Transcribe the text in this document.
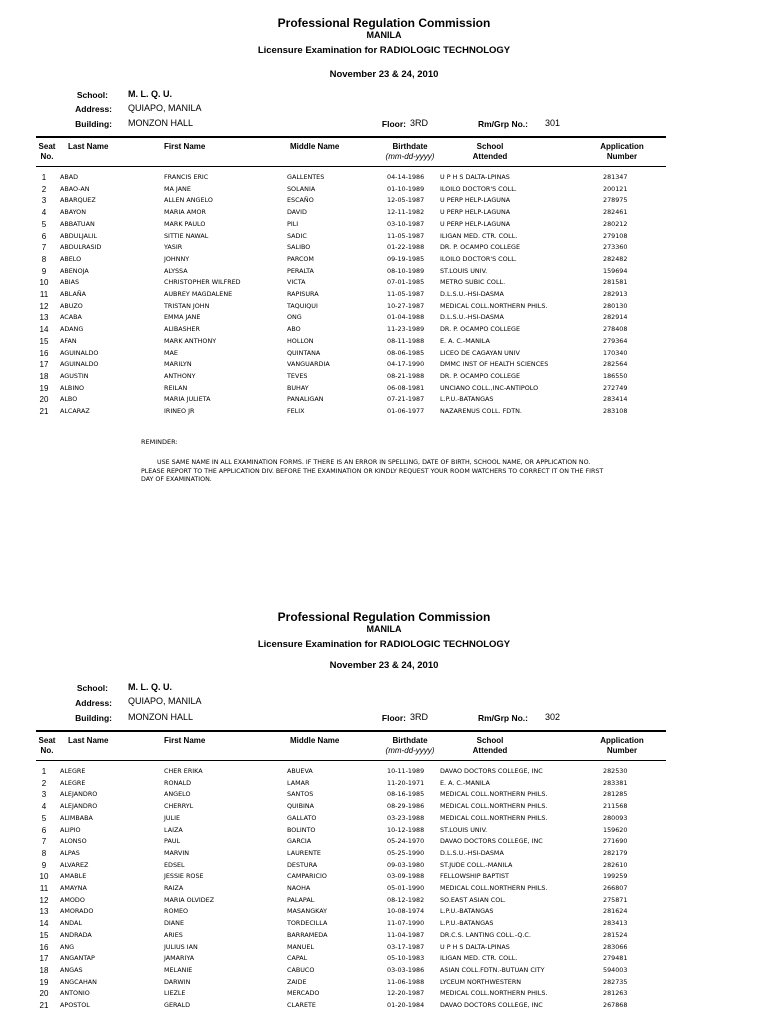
Professional Regulation Commission
MANILA
Licensure Examination for RADIOLOGIC TECHNOLOGY
November 23 & 24, 2010
School: M. L. Q. U.
Address: QUIAPO, MANILA
Building: MONZON HALL	Floor: 3RD	Rm/Grp No.: 301
Seat
No.
Last Name	First Name	Middle Name	Birthdate
(mm-dd-yyyy)
School
Attended
Application
Number
1	ABAD	FRANCIS ERIC	GALLENTES	04-14-1986 U P H S DALTA-LPINAS	281347
2	ABAO-AN	MA JANE	SOLANIA	01-10-1989 ILOILO DOCTOR'S COLL.	200121
3	ABARQUEZ	ALLEN ANGELO	ESCAÑO	12-05-1987 U PERP HELP-LAGUNA	278975
4	ABAYON	MARIA AMOR	DAVID	12-11-1982 U PERP HELP-LAGUNA	282461
5	ABBATUAN	MARK PAULO	PILI	03-10-1987 U PERP HELP-LAGUNA	280212
6	ABDULJALIL	SITTIE NAWAL	SADIC	11-05-1987 ILIGAN MED. CTR. COLL.	279108
7	ABDULRASID	YASIR	SALIBO	01-22-1988 DR. P. OCAMPO COLLEGE	273360
8	ABELO	JOHNNY	PARCOM	09-19-1985 ILOILO DOCTOR'S COLL.	282482
9	ABENOJA	ALYSSA	PERALTA	08-10-1989 ST.LOUIS UNIV.	159694
10	ABIAS	CHRISTOPHER WILFRED	VICTA	07-01-1985 METRO SUBIC COLL.	281581
11	ABLAÑA	AUBREY MAGDALENE	RAPISURA	11-05-1987 D.L.S.U.-HSI-DASMA	282913
12	ABUZO	TRISTAN JOHN	TAQUIQUI	10-27-1987 MEDICAL COLL.NORTHERN PHILS.	280130
13	ACABA	EMMA JANE	ONG	01-04-1988 D.L.S.U.-HSI-DASMA	282914
14	ADANG	ALIBASHER	ABO	11-23-1989 DR. P. OCAMPO COLLEGE	278408
15	AFAN	MARK ANTHONY	HOLLON	08-11-1988 E. A. C.-MANILA	279364
16	AGUINALDO	MAE	QUINTANA	08-06-1985 LICEO DE CAGAYAN UNIV	170340
17	AGUINALDO	MARILYN	VANGUARDIA	04-17-1990 DMMC INST OF HEALTH SCIENCES	282564
18	AGUSTIN	ANTHONY	TEVES	08-21-1988 DR. P. OCAMPO COLLEGE	186550
19	ALBINO	REILAN	BUHAY	06-08-1981 UNCIANO COLL.,INC-ANTIPOLO	272749
20	ALBO	MARIA JULIETA	PANALIGAN	07-21-1987 L.P.U.-BATANGAS	283414
21	ALCARAZ	IRINEO JR	FELIX	01-06-1977 NAZARENUS COLL. FDTN.	283108
REMINDER:
USE SAME NAME IN ALL EXAMINATION FORMS. IF THERE IS AN ERROR IN SPELLING, DATE OF BIRTH, SCHOOL NAME, OR APPLICATION NO. PLEASE REPORT TO THE APPLICATION DIV. BEFORE THE EXAMINATION OR KINDLY REQUEST YOUR ROOM WATCHERS TO CORRECT IT ON THE FIRST DAY OF EXAMINATION.
Professional Regulation Commission
MANILA
Licensure Examination for RADIOLOGIC TECHNOLOGY
November 23 & 24, 2010
School: M. L. Q. U.
Address: QUIAPO, MANILA
Building: MONZON HALL	Floor: 3RD	Rm/Grp No.: 302
Seat
No.
Last Name	First Name	Middle Name	Birthdate
(mm-dd-yyyy)
School
Attended
Application
Number
1	ALEGRE	CHER ERIKA	ABUEVA	10-11-1989 DAVAO DOCTORS COLLEGE, INC	282530
2	ALEGRE	RONALD	LAMAR	11-20-1971 E. A. C.-MANILA	283381
3	ALEJANDRO	ANGELO	SANTOS	08-16-1985 MEDICAL COLL.NORTHERN PHILS.	281285
4	ALEJANDRO	CHERRYL	QUIBINA	08-29-1986 MEDICAL COLL.NORTHERN PHILS.	211568
5	ALIMBABA	JULIE	GALLATO	03-23-1988 MEDICAL COLL.NORTHERN PHILS.	280093
6	ALIPIO	LAIZA	BOLINTO	10-12-1988 ST.LOUIS UNIV.	159620
7	ALONSO	PAUL	GARCIA	05-24-1970 DAVAO DOCTORS COLLEGE, INC	271690
8	ALPAS	MARVIN	LAURENTE	05-25-1990 D.L.S.U.-HSI-DASMA	282179
9	ALVAREZ	EDSEL	DESTURA	09-03-1980 ST.JUDE COLL.-MANILA	282610
10	AMABLE	JESSIE ROSE	CAMPARICIO	03-09-1988 FELLOWSHIP BAPTIST	199259
11	AMAYNA	RAIZA	NAOHA	05-01-1990 MEDICAL COLL.NORTHERN PHILS.	266807
12	AMODO	MARIA OLVIDEZ	PALAPAL	08-12-1982 SO.EAST ASIAN COL.	275871
13	AMORADO	ROMEO	MASANGKAY	10-08-1974 L.P.U.-BATANGAS	281624
14	ANDAL	DIANE	TORDECILLA	11-07-1990 L.P.U.-BATANGAS	283413
15	ANDRADA	ARIES	BARRAMEDA	11-04-1987 DR.C.S. LANTING COLL.-Q.C.	281524
16	ANG	JULIUS IAN	MANUEL	03-17-1987 U P H S DALTA-LPINAS	283066
17	ANGANTAP	JAMARIYA	CAPAL	05-10-1983 ILIGAN MED. CTR. COLL.	279481
18	ANGAS	MELANIE	CABUCO	03-03-1986 ASIAN COLL.FDTN.-BUTUAN CITY	594003
19	ANGCAHAN	DARWIN	ZAIDE	11-06-1988 LYCEUM NORTHWESTERN	282735
20	ANTONIO	LIEZLE	MERCADO	12-20-1987 MEDICAL COLL.NORTHERN PHILS.	281263
21	APOSTOL	GERALD	CLARETE	01-20-1984 DAVAO DOCTORS COLLEGE, INC	267868
